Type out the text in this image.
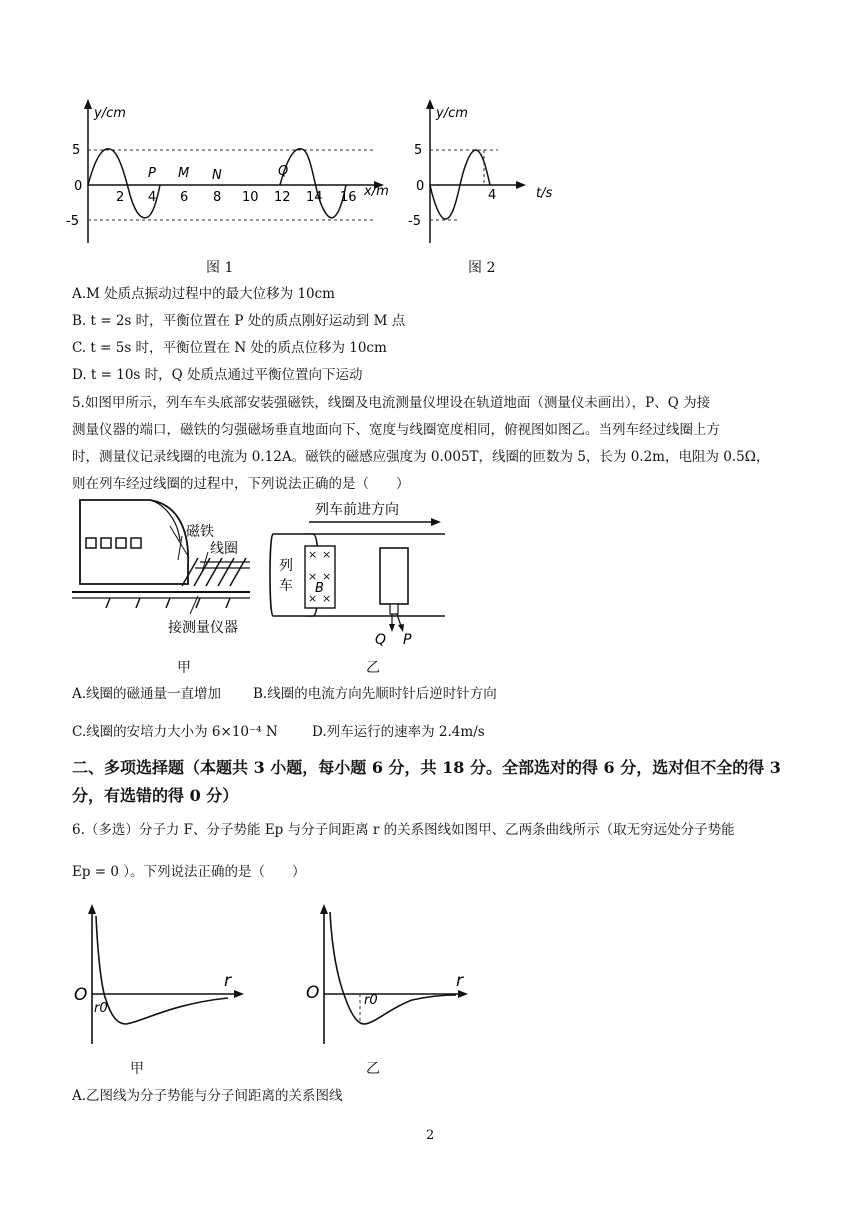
y/cm
x/m
5
0
-5
2 4 6 8 10 12 14 16
P M N	Q
y/cm
t/s
5
0
-5
4
图 1	图 2
A.M 处质点振动过程中的最大位移为 10cm
B. t = 2s 时，平衡位置在 P 处的质点刚好运动到 M 点
C. t = 5s 时，平衡位置在 N 处的质点位移为 10cm
D. t = 10s 时，Q 处质点通过平衡位置向下运动
5.如图甲所示，列车车头底部安装强磁铁，线圈及电流测量仪埋设在轨道地面（测量仪未画出），P、Q 为接
测量仪器的端口，磁铁的匀强磁场垂直地面向下、宽度与线圈宽度相同，俯视图如图乙。当列车经过线圈上方
时，测量仪记录线圈的电流为 0.12A。磁铁的磁感应强度为 0.005T，线圈的匝数为 5，长为 0.2m，电阻为 0.5Ω，
则在列车经过线圈的过程中，下列说法正确的是（　　）
磁铁
线圈
接测量仪器
甲
列车前进方向
列
车
× ×
× ×
× ×
B
Q P
乙
A.线圈的磁通量一直增加 B.线圈的电流方向先顺时针后逆时针方向
C.线圈的安培力大小为 6×10⁻⁴ N	D.列车运行的速率为 2.4m/s
二、多项选择题（本题共 3 小题，每小题 6 分，共 18 分。全部选对的得 6 分，选对但不全的得 3 分，有选错的得 0 分）
6.（多选）分子力 F、分子势能 Ep 与分子间距离 r 的关系图线如图甲、乙两条曲线所示（取无穷远处分子势能
Ep = 0 ）。下列说法正确的是（　　）
O
r
r0
甲
O
r
r0
乙
A.乙图线为分子势能与分子间距离的关系图线
2
